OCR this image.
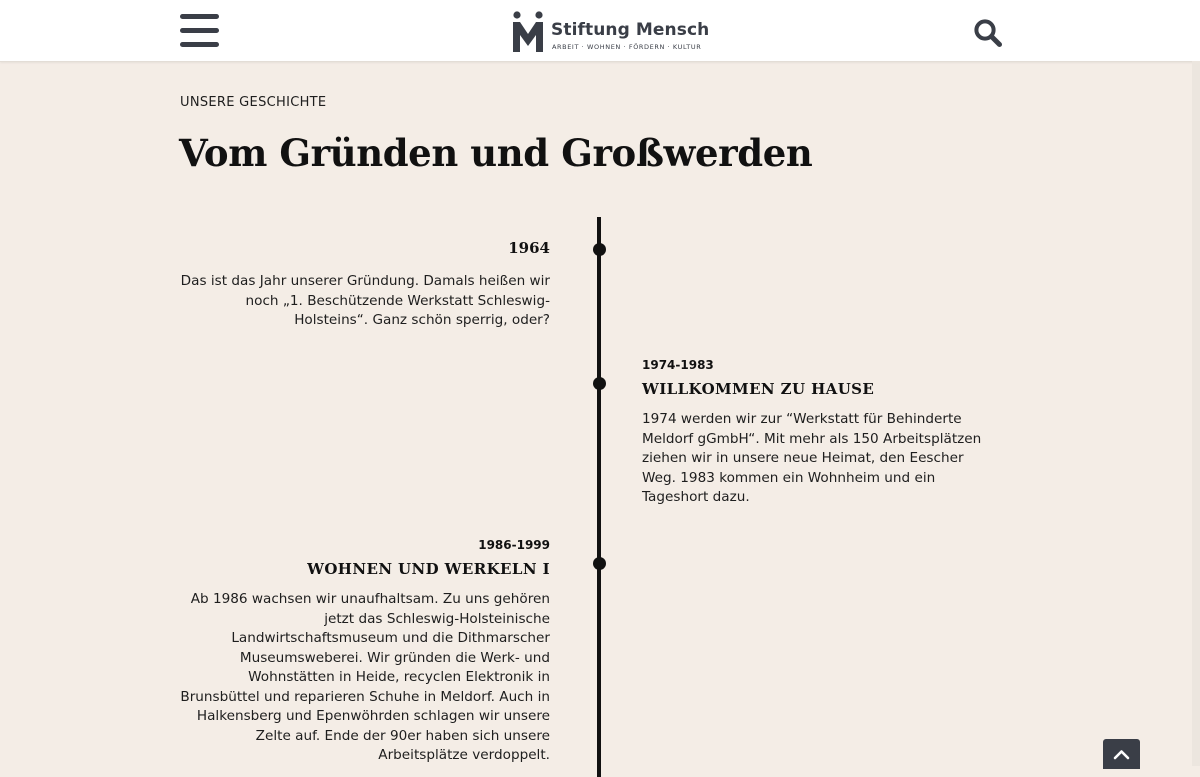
Stiftung Mensch
ARBEIT · WOHNEN · FÖRDERN · KULTUR
UNSERE GESCHICHTE
Vom Gründen und Großwerden
1964

Das ist das Jahr unserer Gründung. Damals heißen wir noch „1. Beschützende Werkstatt Schleswig-Holsteins“. Ganz schön sperrig, oder?

1974-1983
WILLKOMMEN ZU HAUSE

1974 werden wir zur “Werkstatt für Behinderte Meldorf gGmbH“. Mit mehr als 150 Arbeitsplätzen ziehen wir in unsere neue Heimat, den Eescher Weg. 1983 kommen ein Wohnheim und ein Tageshort dazu.

1986-1999
WOHNEN UND WERKELN I

Ab 1986 wachsen wir unaufhaltsam. Zu uns gehören jetzt das Schleswig-Holsteinische Landwirtschaftsmuseum und die Dithmarscher Museumsweberei. Wir gründen die Werk- und Wohnstätten in Heide, recyclen Elektronik in Brunsbüttel und reparieren Schuhe in Meldorf. Auch in Halkensberg und Epenwöhrden schlagen wir unsere Zelte auf. Ende der 90er haben sich unsere Arbeitsplätze verdoppelt.
